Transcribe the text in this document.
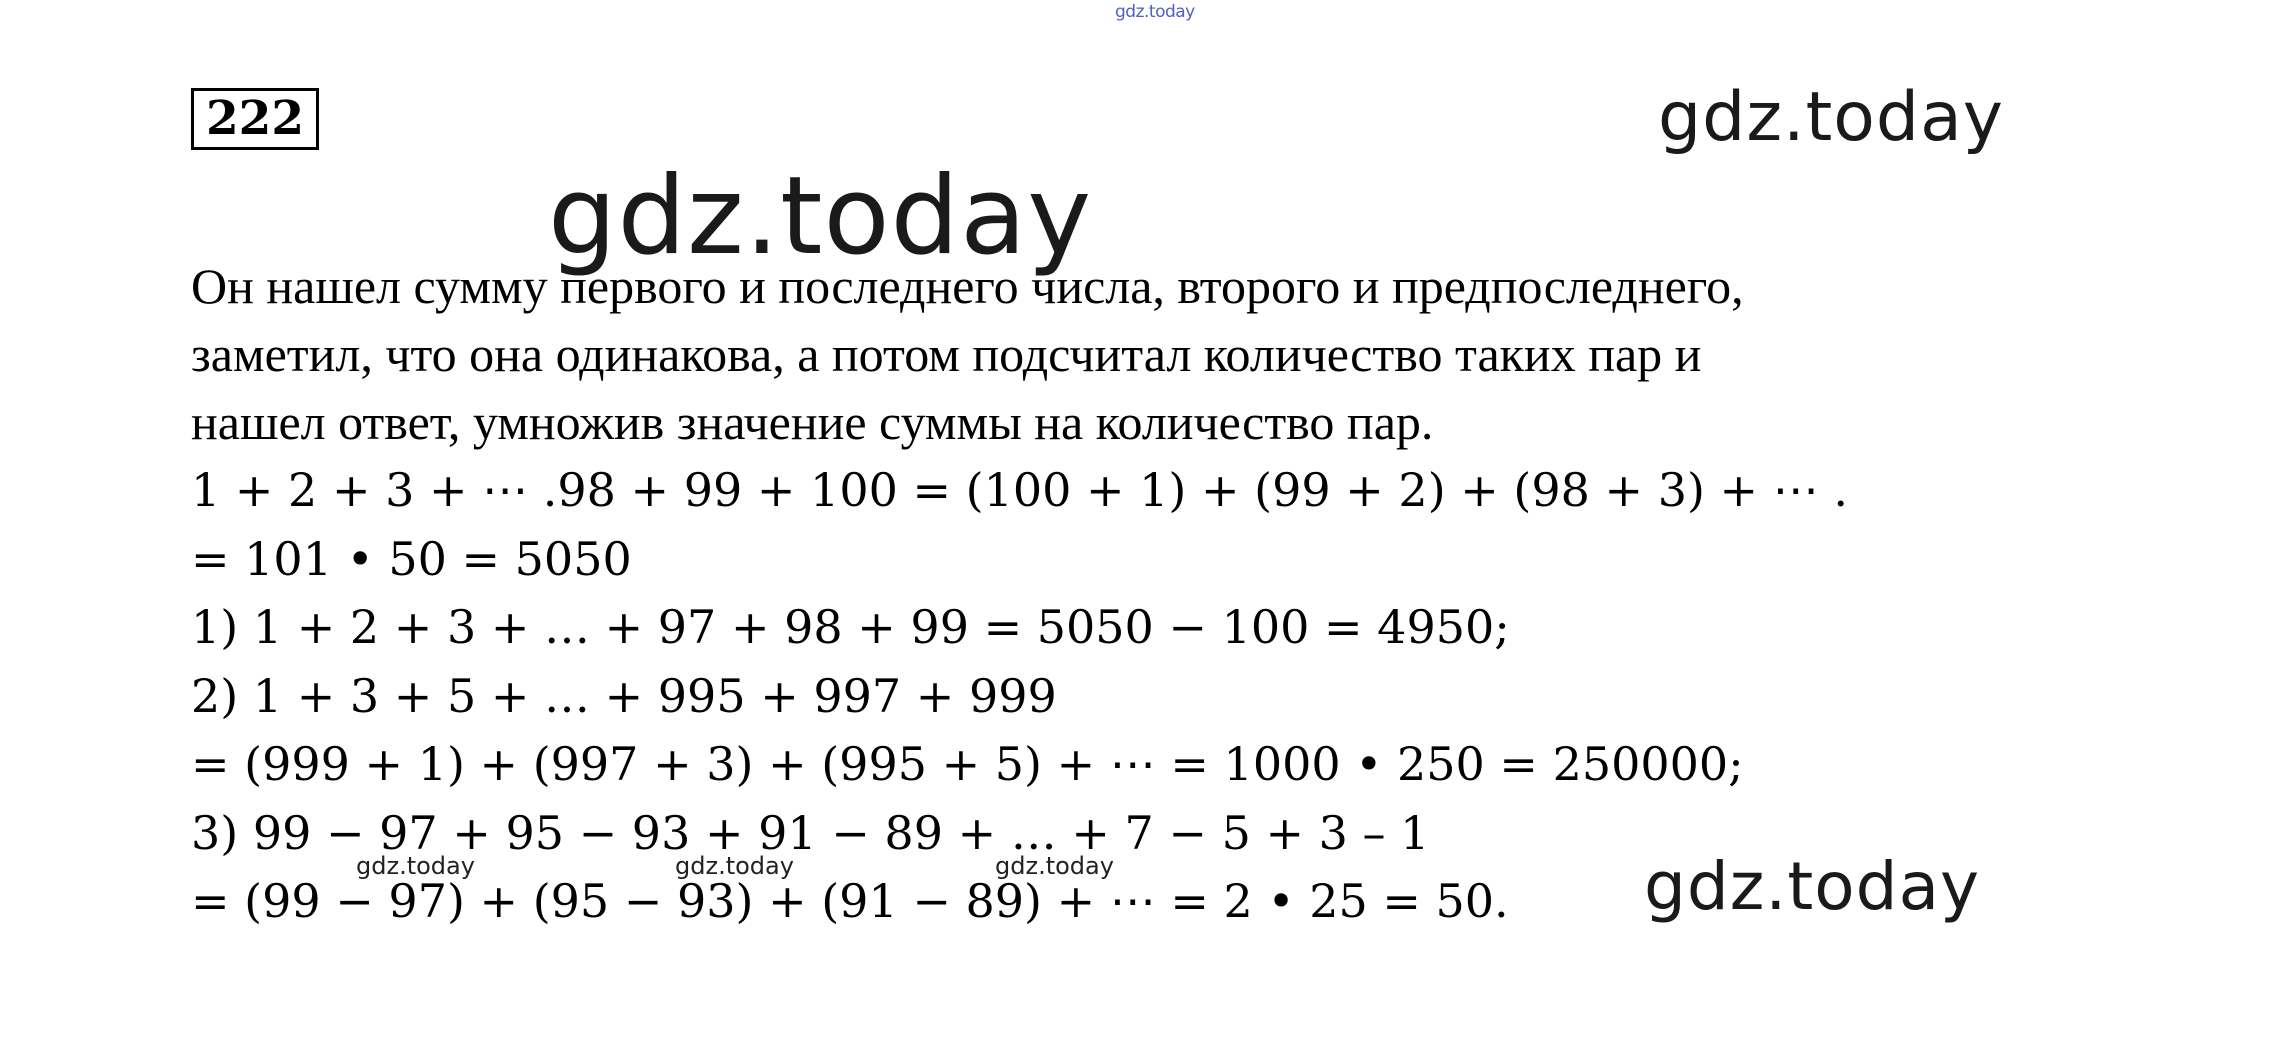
gdz.today
222	gdz.today
gdz.today
Он нашел сумму первого и последнего числа, второго и предпоследнего,
заметил, что она одинакова, а потом подсчитал количество таких пар и
нашел ответ, умножив значение суммы на количество пар.
1 + 2 + 3 + ⋯ .98 + 99 + 100 = (100 + 1) + (99 + 2) + (98 + 3) + ⋯ .
= 101 • 50 = 5050
1) 1 + 2 + 3 + … + 97 + 98 + 99 = 5050 − 100 = 4950;
2) 1 + 3 + 5 + … + 995 + 997 + 999
= (999 + 1) + (997 + 3) + (995 + 5) + ⋯ = 1000 • 250 = 250000;
3) 99 − 97 + 95 − 93 + 91 − 89 + … + 7 − 5 + 3 – 1
= (99 − 97) + (95 − 93) + (91 − 89) + ⋯ = 2 • 25 = 50.
gdz.today	gdz.today	gdz.today	gdz.today
